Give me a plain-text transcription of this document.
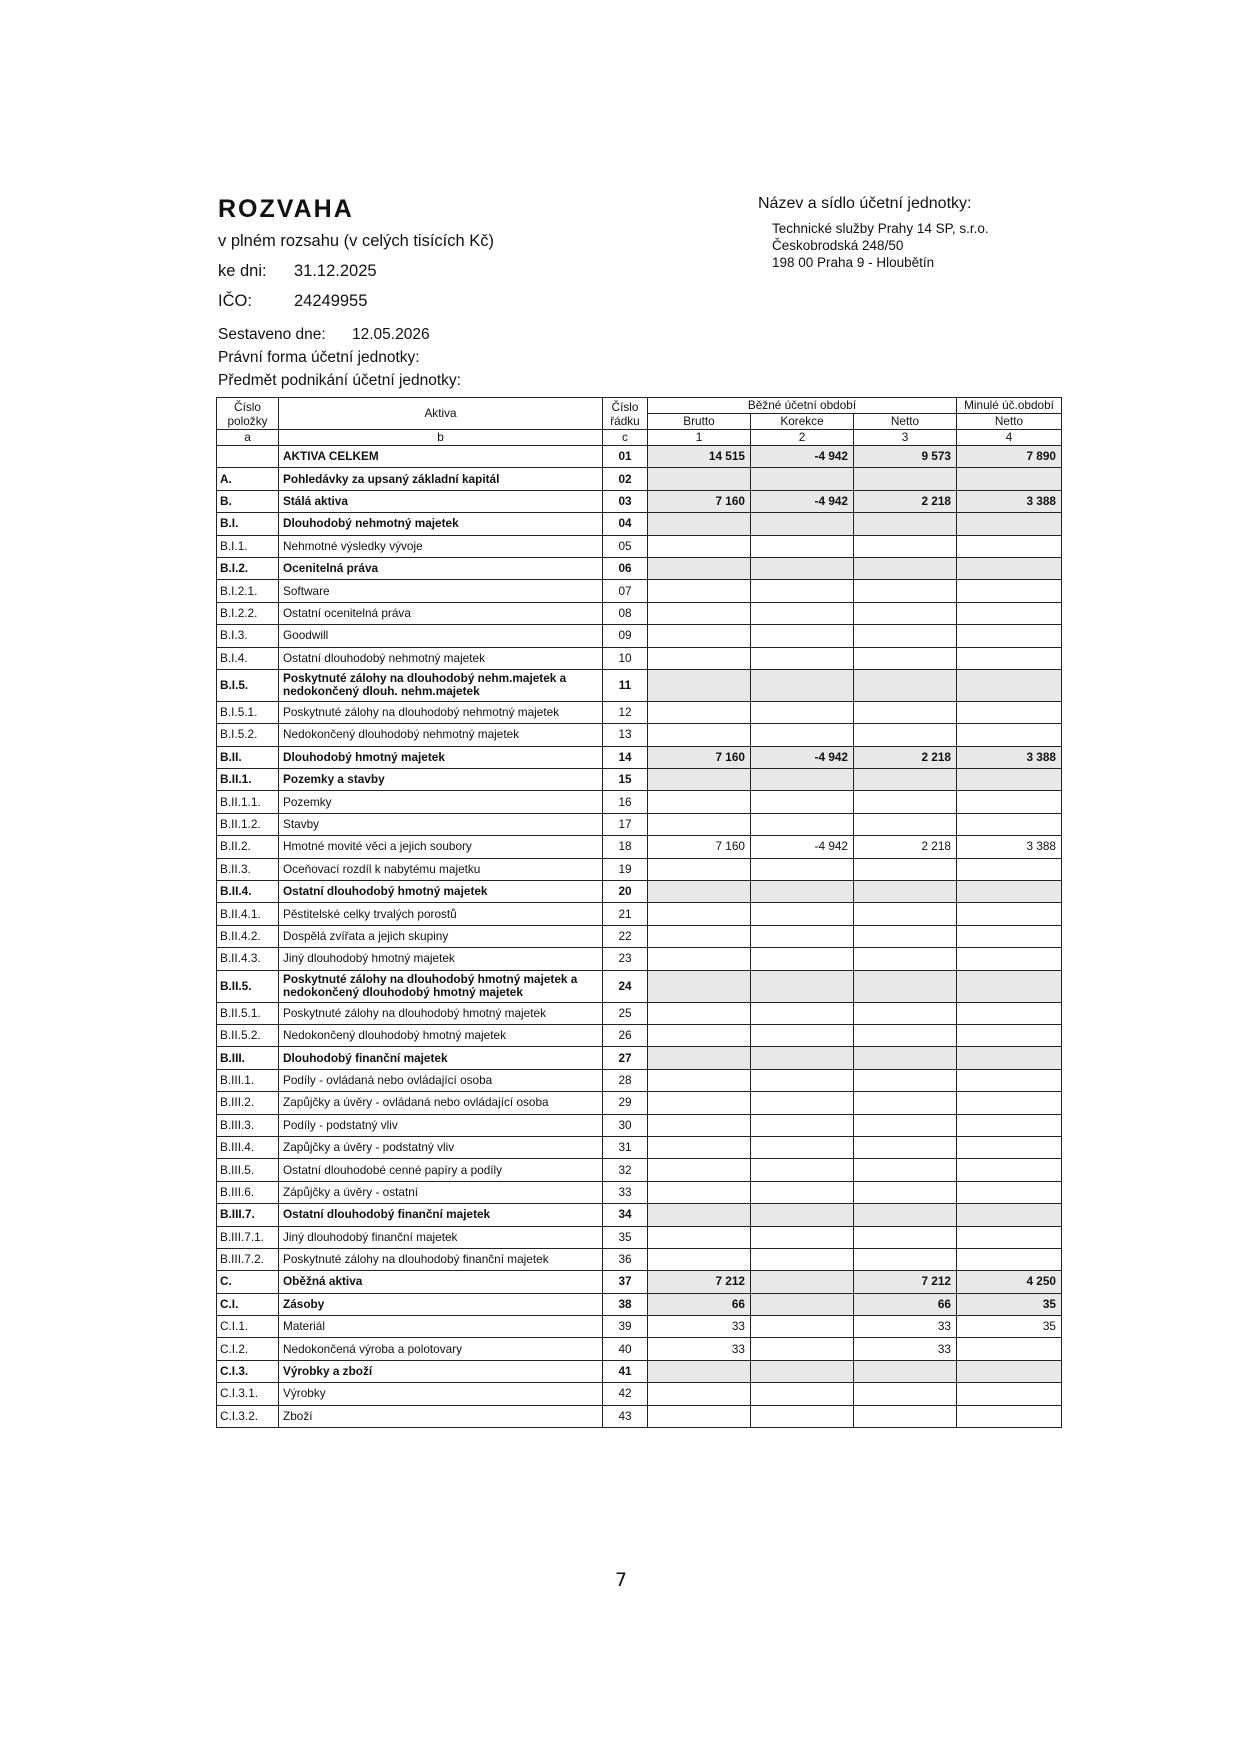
ROZVAHA
v plném rozsahu (v celých tisících Kč)
ke dni:	31.12.2025
IČO:	24249955
Sestaveno dne:	12.05.2026
Právní forma účetní jednotky:
Předmět podnikání účetní jednotky:
Název a sídlo účetní jednotky:
Technické služby Prahy 14 SP, s.r.o.
Českobrodská 248/50
198 00 Praha 9 - Hloubětín
Číslo položky	Aktiva	Číslo řádku	Běžné účetní období			Minulé úč.období
			Brutto	Korekce	Netto	Netto
a	b	c	1	2	3	4
	AKTIVA CELKEM	01	14 515	-4 942	9 573	7 890
A.	Pohledávky za upsaný základní kapitál	02				
B.	Stálá aktiva	03	7 160	-4 942	2 218	3 388
B.I.	Dlouhodobý nehmotný majetek	04				
B.I.1.	Nehmotné výsledky vývoje	05				
B.I.2.	Ocenitelná práva	06				
B.I.2.1.	Software	07				
B.I.2.2.	Ostatní ocenitelná práva	08				
B.I.3.	Goodwill	09				
B.I.4.	Ostatní dlouhodobý nehmotný majetek	10				
B.I.5.	Poskytnuté zálohy na dlouhodobý nehm.majetek a nedokončený dlouh. nehm.majetek	11				
B.I.5.1.	Poskytnuté zálohy na dlouhodobý nehmotný majetek	12				
B.I.5.2.	Nedokončený dlouhodobý nehmotný majetek	13				
B.II.	Dlouhodobý hmotný majetek	14	7 160	-4 942	2 218	3 388
B.II.1.	Pozemky a stavby	15				
B.II.1.1.	Pozemky	16				
B.II.1.2.	Stavby	17				
B.II.2.	Hmotné movité věci a jejich soubory	18	7 160	-4 942	2 218	3 388
B.II.3.	Oceňovací rozdíl k nabytému majetku	19				
B.II.4.	Ostatní dlouhodobý hmotný majetek	20				
B.II.4.1.	Pěstitelské celky trvalých porostů	21				
B.II.4.2.	Dospělá zvířata a jejich skupiny	22				
B.II.4.3.	Jiný dlouhodobý hmotný majetek	23				
B.II.5.	Poskytnuté zálohy na dlouhodobý hmotný majetek a nedokončený dlouhodobý hmotný majetek	24				
B.II.5.1.	Poskytnuté zálohy na dlouhodobý hmotný majetek	25				
B.II.5.2.	Nedokončený dlouhodobý hmotný majetek	26				
B.III.	Dlouhodobý finanční majetek	27				
B.III.1.	Podíly - ovládaná nebo ovládající osoba	28				
B.III.2.	Zapůjčky a úvěry - ovládaná nebo ovládající osoba	29				
B.III.3.	Podíly - podstatný vliv	30				
B.III.4.	Zapůjčky a úvěry - podstatný vliv	31				
B.III.5.	Ostatní dlouhodobé cenné papíry a podíly	32				
B.III.6.	Zápůjčky a úvěry - ostatní	33				
B.III.7.	Ostatní dlouhodobý finanční majetek	34				
B.III.7.1.	Jiný dlouhodobý finanční majetek	35				
B.III.7.2.	Poskytnuté zálohy na dlouhodobý finanční majetek	36				
C.	Oběžná aktiva	37	7 212		7 212	4 250
C.I.	Zásoby	38	66		66	35
C.I.1.	Materiál	39	33		33	35
C.I.2.	Nedokončená výroba a polotovary	40	33		33	
C.I.3.	Výrobky a zboží	41				
C.I.3.1.	Výrobky	42				
C.I.3.2.	Zboží	43				
7
